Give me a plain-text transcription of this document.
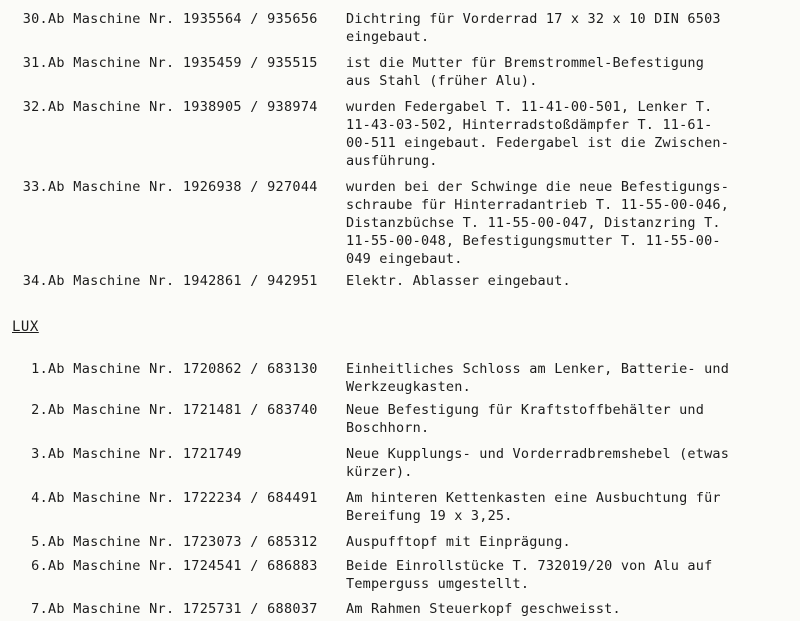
30. Ab Maschine Nr. 1935564 / 935656 Dichtring für Vorderrad 17 x 32 x 10 DIN 6503
eingebaut.
31. Ab Maschine Nr. 1935459 / 935515 ist die Mutter für Bremstrommel-Befestigung
aus Stahl (früher Alu).
32. Ab Maschine Nr. 1938905 / 938974 wurden Federgabel T. 11-41-00-501, Lenker T.
11-43-03-502, Hinterradstoßdämpfer T. 11-61-
00-511 eingebaut. Federgabel ist die Zwischen-
ausführung.
33. Ab Maschine Nr. 1926938 / 927044 wurden bei der Schwinge die neue Befestigungs-
schraube für Hinterradantrieb T. 11-55-00-046,
Distanzbüchse T. 11-55-00-047, Distanzring T.
11-55-00-048, Befestigungsmutter T. 11-55-00-
049 eingebaut.
34. Ab Maschine Nr. 1942861 / 942951 Elektr. Ablasser eingebaut.
LUX
1. Ab Maschine Nr. 1720862 / 683130 Einheitliches Schloss am Lenker, Batterie- und
Werkzeugkasten.
2. Ab Maschine Nr. 1721481 / 683740 Neue Befestigung für Kraftstoffbehälter und
Boschhorn.
3. Ab Maschine Nr. 1721749	Neue Kupplungs- und Vorderradbremshebel (etwas
kürzer).
4. Ab Maschine Nr. 1722234 / 684491 Am hinteren Kettenkasten eine Ausbuchtung für
Bereifung 19 x 3,25.
5. Ab Maschine Nr. 1723073 / 685312 Auspufftopf mit Einprägung.
6. Ab Maschine Nr. 1724541 / 686883 Beide Einrollstücke T. 732019/20 von Alu auf
Temperguss umgestellt.
7. Ab Maschine Nr. 1725731 / 688037 Am Rahmen Steuerkopf geschweisst.
